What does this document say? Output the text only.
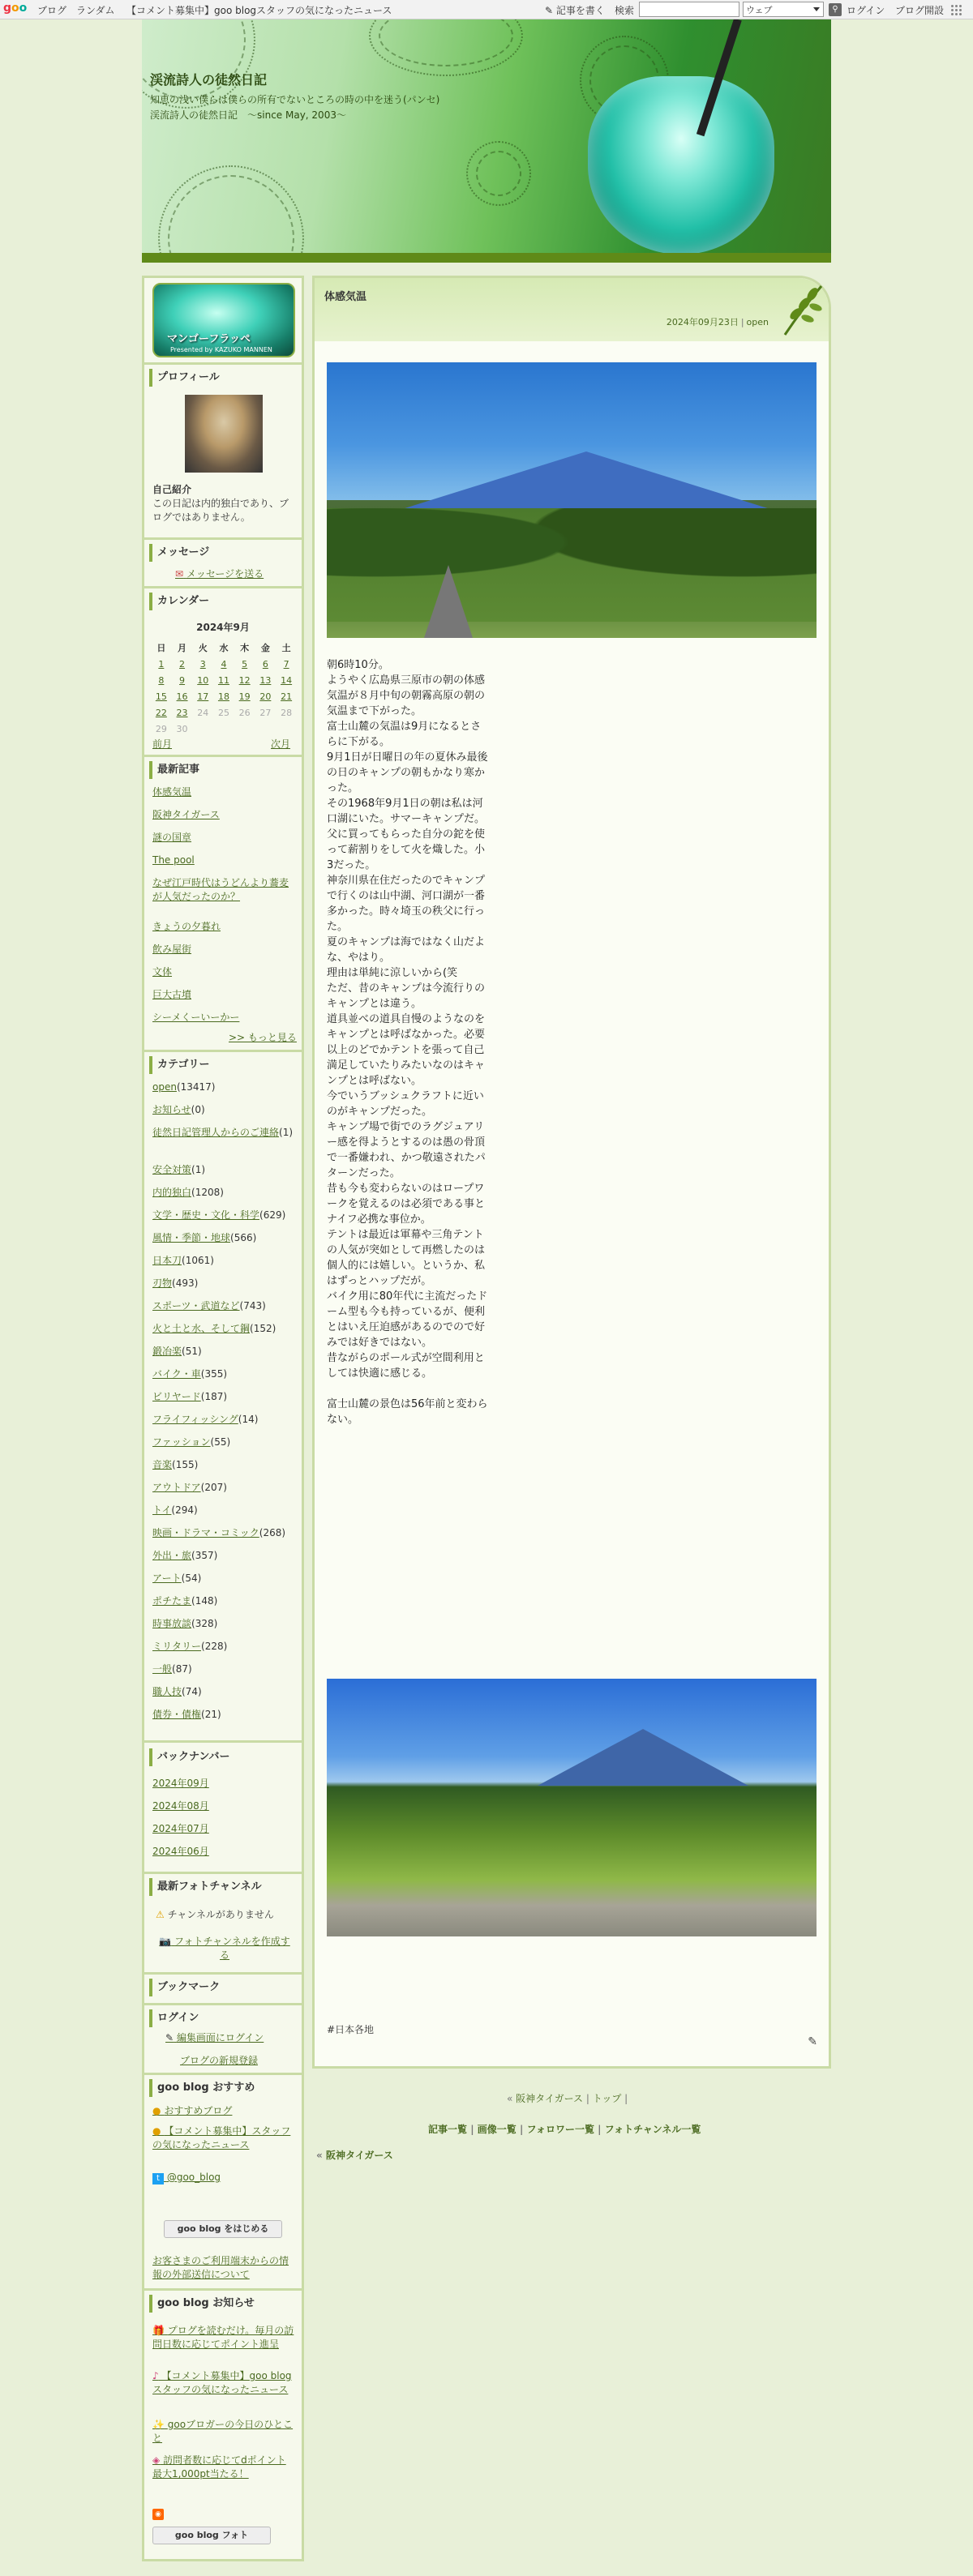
goo ブログ ランダム 【コメント募集中】goo blogスタッフの気になったニュース	✎ 記事を書く 検索	ウェブ	⚲ ログイン ブログ開設
渓流詩人の徒然日記
知恵の浅い僕らは僕らの所有でないところの時の中を迷う(パンセ)　渓流詩人の徒然日記　～since May, 2003～
マンゴーフラッペ
Presented by KAZUKO MANNEN
プロフィール
自己紹介
この日記は内的独白であり、ブログではありません。
メッセージ
✉ メッセージを送る
カレンダー
2024年9月
日	月	火	水	木	金	土
1	2	3	4	5	6	7
8	9	10	11	12	13	14
15	16	17	18	19	20	21
22	23	24	25	26	27	28
29	30					
前月	次月
最新記事
体感気温
阪神タイガース
謎の国章
The pool
なぜ江戸時代はうどんより蕎麦が人気だったのか？
きょうの夕暮れ
飲み屋街
文体
巨大古墳
シーメくーいーかー
>> もっと見る
カテゴリー
open(13417)
お知らせ(0)
徒然日記管理人からのご連絡(1)
安全対策(1)
内的独白(1208)
文学・歴史・文化・科学(629)
風情・季節・地球(566)
日本刀(1061)
刃物(493)
スポーツ・武道など(743)
火と土と水、そして鋼(152)
鍛冶楽(51)
バイク・車(355)
ビリヤード(187)
フライフィッシング(14)
ファッション(55)
音楽(155)
アウトドア(207)
トイ(294)
映画・ドラマ・コミック(268)
外出・旅(357)
アート(54)
ポチたま(148)
時事放談(328)
ミリタリー(228)
一般(87)
職人技(74)
債券・債権(21)
バックナンバー
2024年09月
2024年08月
2024年07月
2024年06月
最新フォトチャンネル
⚠ チャンネルがありません
📷 フォトチャンネルを作成する
ブックマーク
ログイン
✎ 編集画面にログイン
ブログの新規登録
goo blog おすすめ
● おすすめブログ
● 【コメント募集中】スタッフの気になったニュース
t @goo_blog
goo blog をはじめる
お客さまのご利用端末からの情報の外部送信について
goo blog お知らせ
🎁 プログを読むだけ。毎月の訪問日数に応じてポイント進呈
♪ 【コメント募集中】goo blogスタッフの気になったニュース
✨ gooブロガーの今日のひとこと
◈ 訪問者数に応じてdポイント最大1,000pt当たる！
◉
goo blog フォト
体感気温
2024年09月23日 | open
朝6時10分。
ようやく広島県三原市の朝の体感気温が８月中旬の朝霧高原の朝の気温まで下がった。
富士山麓の気温は9月になるとさらに下がる。
9月1日が日曜日の年の夏休み最後の日のキャンプの朝もかなり寒かった。
その1968年9月1日の朝は私は河口湖にいた。サマーキャンプだ。
父に買ってもらった自分の鉈を使って薪割りをして火を熾した。小3だった。
神奈川県在住だったのでキャンプで行くのは山中湖、河口湖が一番多かった。時々埼玉の秩父に行った。
夏のキャンプは海ではなく山だよな、やはり。
理由は単純に涼しいから(笑
ただ、昔のキャンプは今流行りのキャンプとは違う。
道具並べの道具自慢のようなのをキャンプとは呼ばなかった。必要以上のどでかテントを張って自己満足していたりみたいなのはキャンプとは呼ばない。
今でいうブッシュクラフトに近いのがキャンプだった。
キャンプ場で街でのラグジュアリー感を得ようとするのは愚の骨頂で一番嫌われ、かつ敬遠されたパターンだった。
昔も今も変わらないのはロープワークを覚えるのは必須である事とナイフ必携な事位か。
テントは最近は軍幕や三角テントの人気が突如として再燃したのは個人的には嬉しい。というか、私はずっとハップだが。
バイク用に80年代に主流だったドーム型も今も持っているが、便利とはいえ圧迫感があるのでので好みでは好きではない。
昔ながらのポール式が空間利用としては快適に感じる。

富士山麓の景色は56年前と変わらない。
#日本各地
✎
« 阪神タイガース | トップ |
記事一覧 | 画像一覧 | フォロワー一覧 | フォトチャンネル一覧
« 阪神タイガース
